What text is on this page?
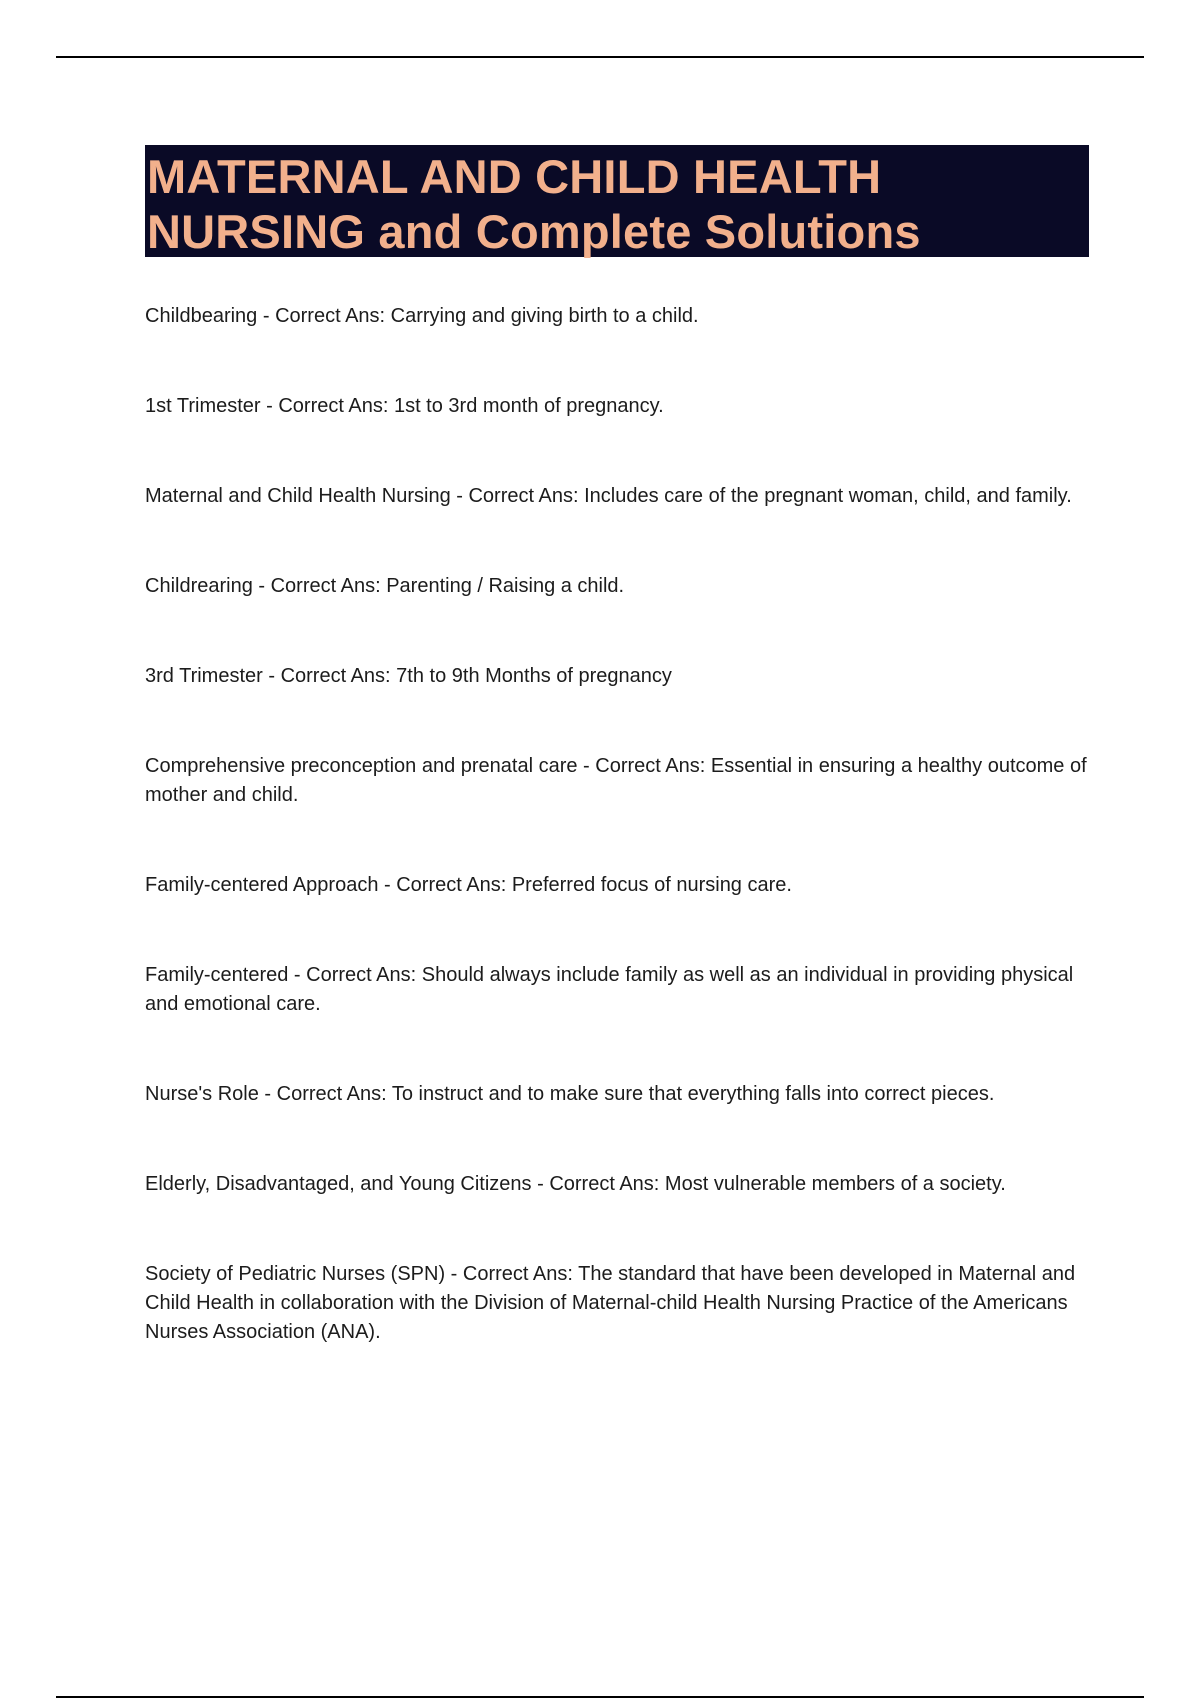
MATERNAL AND CHILD HEALTH
NURSING and Complete Solutions
Childbearing - Correct Ans: Carrying and giving birth to a child.
1st Trimester - Correct Ans: 1st to 3rd month of pregnancy.
Maternal and Child Health Nursing - Correct Ans: Includes care of the pregnant woman, child, and family.
Childrearing - Correct Ans: Parenting / Raising a child.
3rd Trimester - Correct Ans: 7th to 9th Months of pregnancy
Comprehensive preconception and prenatal care - Correct Ans: Essential in ensuring a healthy outcome of mother and child.
Family-centered Approach - Correct Ans: Preferred focus of nursing care.
Family-centered - Correct Ans: Should always include family as well as an individual in providing physical and emotional care.
Nurse's Role - Correct Ans: To instruct and to make sure that everything falls into correct pieces.
Elderly, Disadvantaged, and Young Citizens - Correct Ans: Most vulnerable members of a society.
Society of Pediatric Nurses (SPN) - Correct Ans: The standard that have been developed in Maternal and Child Health in collaboration with the Division of Maternal-child Health Nursing Practice of the Americans Nurses Association (ANA).
